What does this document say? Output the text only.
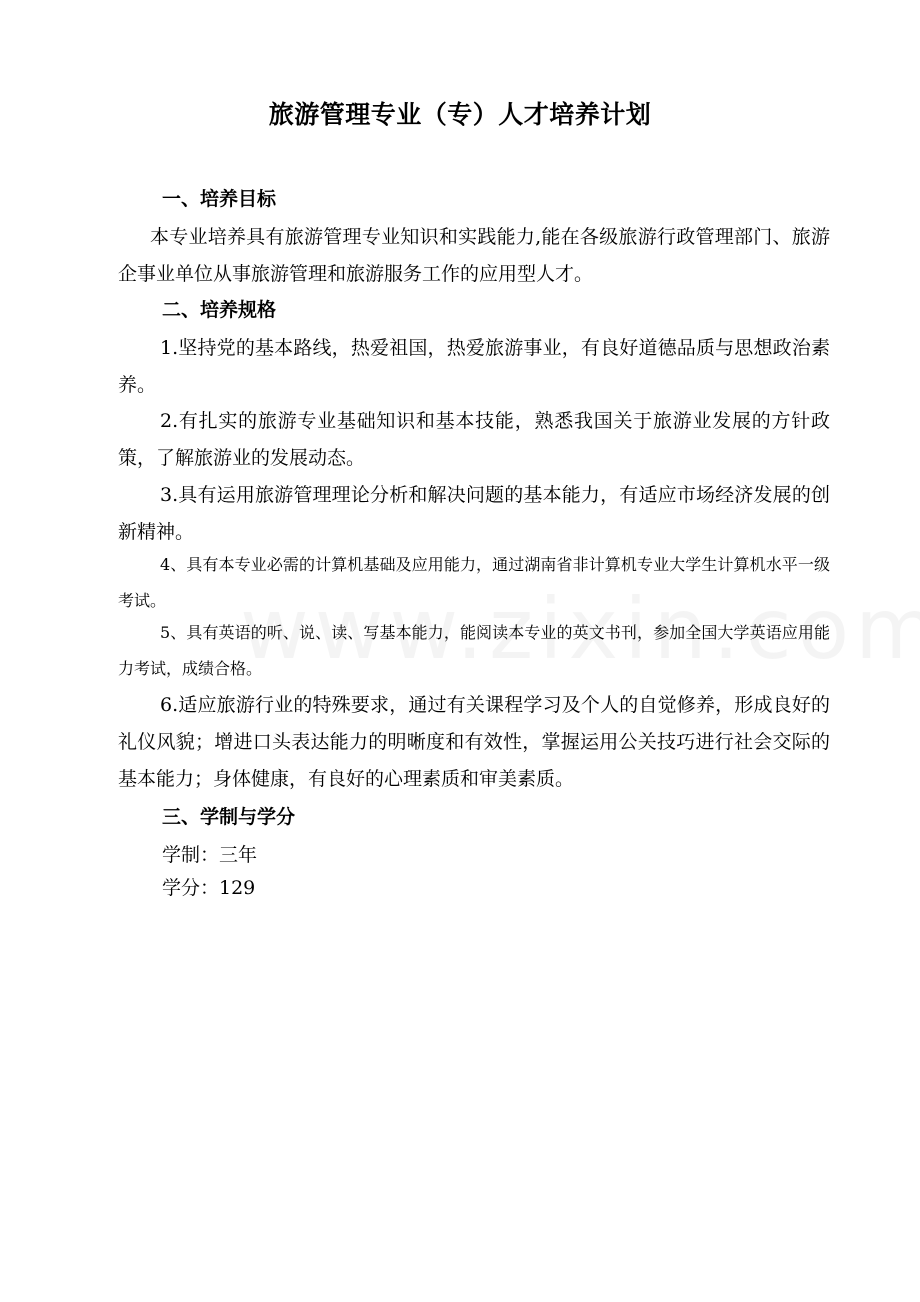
旅游管理专业（专）人才培养计划
一、培养目标
本专业培养具有旅游管理专业知识和实践能力,能在各级旅游行政管理部门、旅游企事业单位从事旅游管理和旅游服务工作的应用型人才。
二、培养规格
1.坚持党的基本路线，热爱祖国，热爱旅游事业，有良好道德品质与思想政治素养。
2.有扎实的旅游专业基础知识和基本技能，熟悉我国关于旅游业发展的方针政策，了解旅游业的发展动态。
3.具有运用旅游管理理论分析和解决问题的基本能力，有适应市场经济发展的创新精神。
4、具有本专业必需的计算机基础及应用能力，通过湖南省非计算机专业大学生计算机水平一级考试。
5、具有英语的听、说、读、写基本能力，能阅读本专业的英文书刊，参加全国大学英语应用能力考试，成绩合格。
6.适应旅游行业的特殊要求，通过有关课程学习及个人的自觉修养，形成良好的礼仪风貌；增进口头表达能力的明晰度和有效性，掌握运用公关技巧进行社会交际的基本能力；身体健康，有良好的心理素质和审美素质。
三、学制与学分
学制：三年
学分：129
